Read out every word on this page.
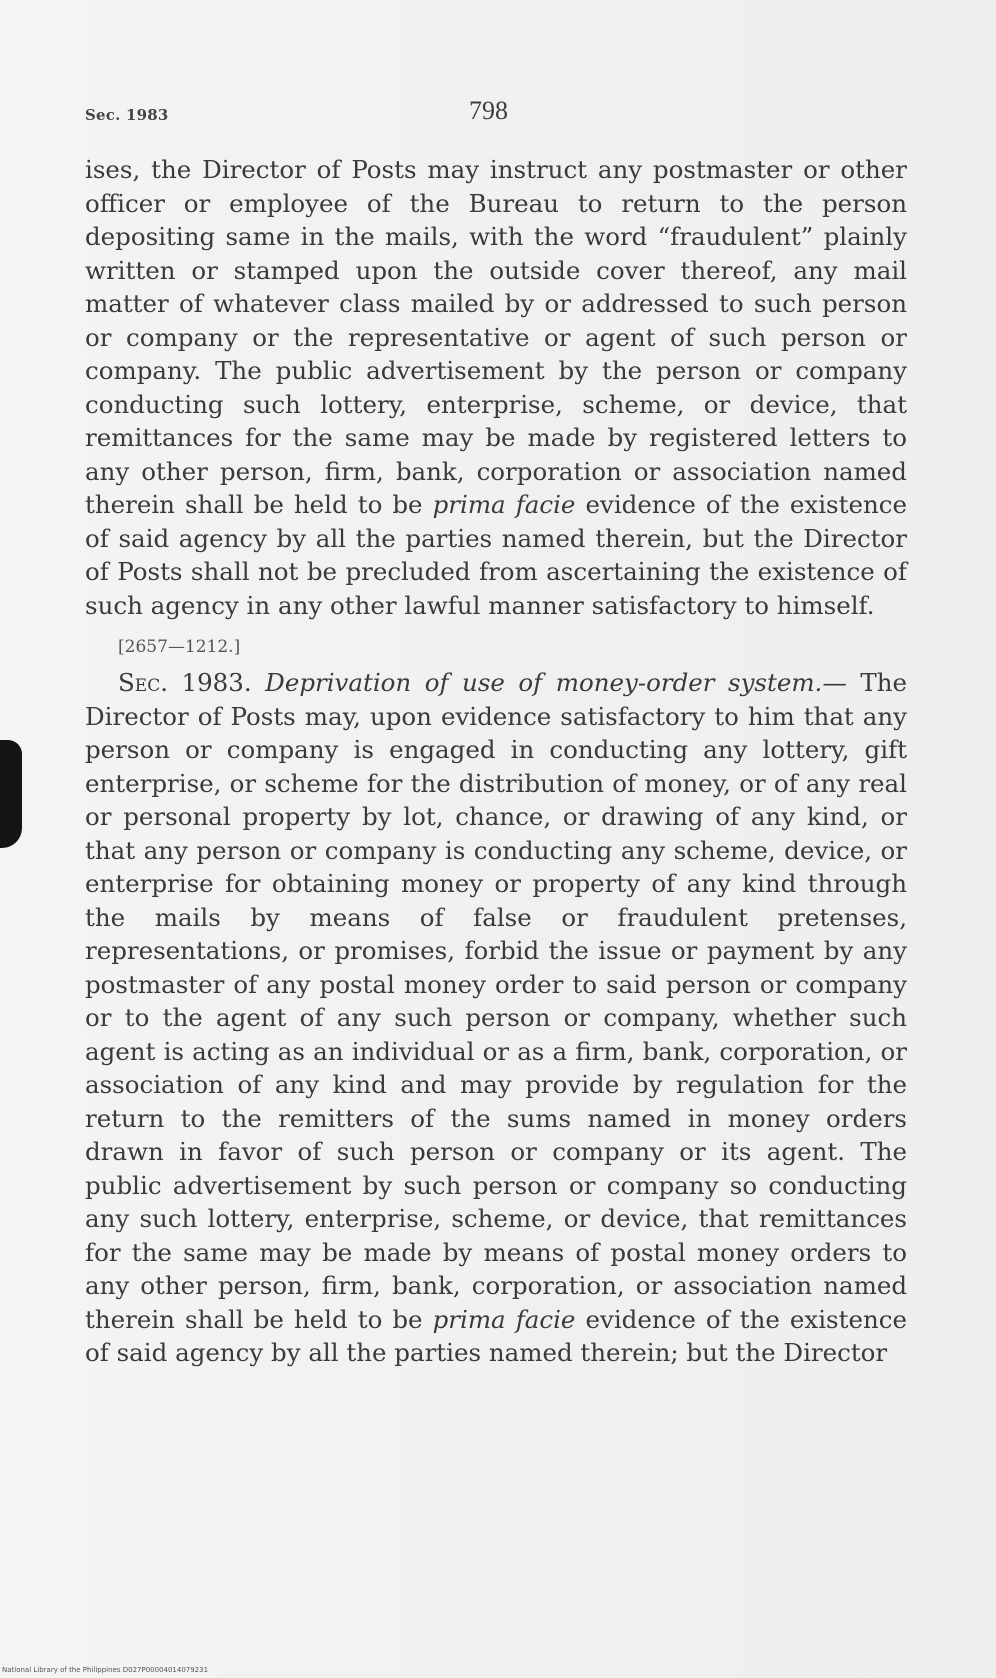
Sec. 1983	798

ises, the Director of Posts may instruct any postmaster or other officer or employee of the Bureau to return to the person depositing same in the mails, with the word “fraudulent” plainly written or stamped upon the outside cover thereof, any mail matter of whatever class mailed by or addressed to such person or company or the representative or agent of such person or company. The public advertisement by the person or company conducting such lottery, enterprise, scheme, or device, that remittances for the same may be made by registered letters to any other person, firm, bank, corporation or association named therein shall be held to be prima facie evidence of the existence of said agency by all the parties named therein, but the Director of Posts shall not be precluded from ascertaining the existence of such agency in any other lawful manner satisfactory to himself.

[2657—1212.]

Sec. 1983. Deprivation of use of money-order system.— The Director of Posts may, upon evidence satisfactory to him that any person or company is engaged in conducting any lottery, gift enterprise, or scheme for the distribution of money, or of any real or personal property by lot, chance, or drawing of any kind, or that any person or company is conducting any scheme, device, or enterprise for obtaining money or property of any kind through the mails by means of false or fraudulent pretenses, representations, or promises, forbid the issue or payment by any postmaster of any postal money order to said person or company or to the agent of any such person or company, whether such agent is acting as an individual or as a firm, bank, corporation, or association of any kind and may provide by regulation for the return to the remitters of the sums named in money orders drawn in favor of such person or company or its agent. The public advertisement by such person or company so conducting any such lottery, enterprise, scheme, or device, that remittances for the same may be made by means of postal money orders to any other person, firm, bank, corporation, or association named therein shall be held to be prima facie evidence of the existence of said agency by all the parties named therein; but the Director

National Library of the Philippines D027P00004014079231
